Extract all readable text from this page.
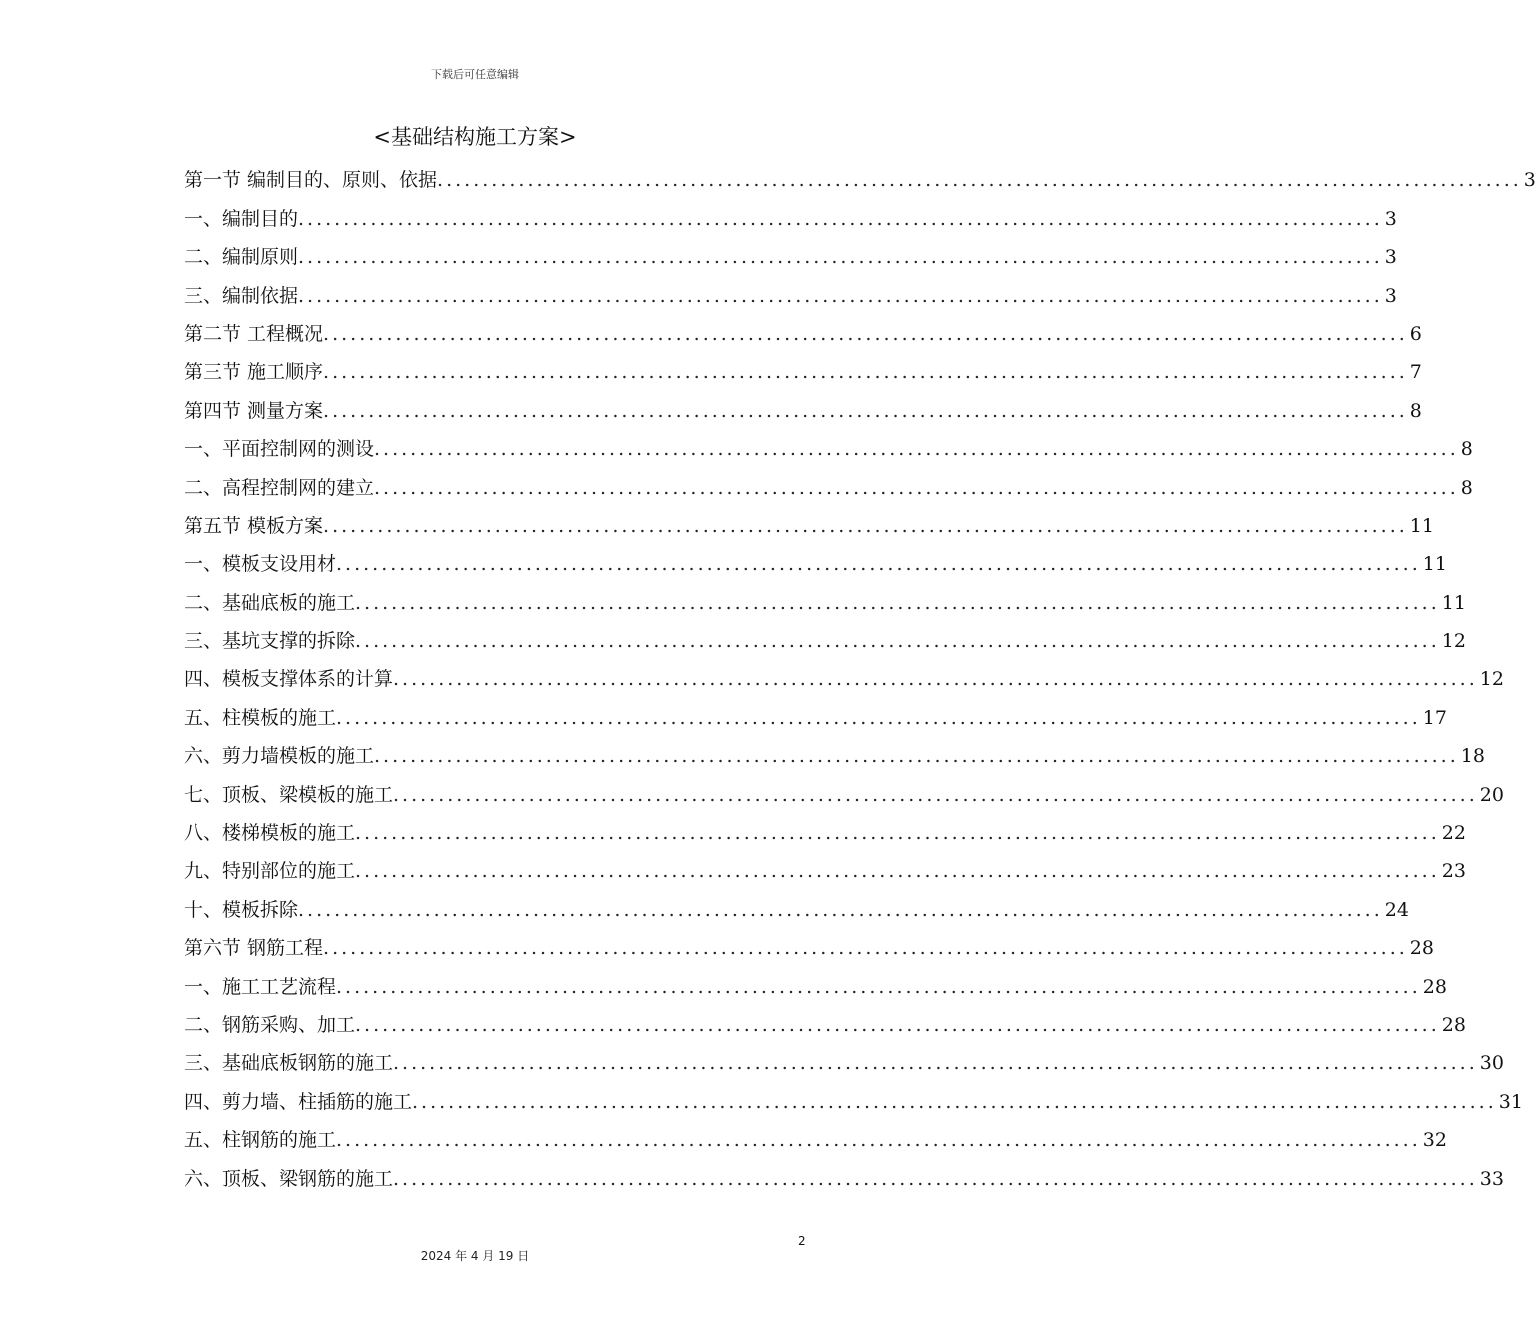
下载后可任意编辑
<基础结构施工方案>
第一节 编制目的、原则、依据 ........................................................................................................................ 3
一、编制目的 ........................................................................................................................ 3
二、编制原则 ........................................................................................................................ 3
三、编制依据 ........................................................................................................................ 3
第二节 工程概况 ........................................................................................................................ 6
第三节 施工顺序 ........................................................................................................................ 7
第四节 测量方案 ........................................................................................................................ 8
一、平面控制网的测设 ........................................................................................................................ 8
二、高程控制网的建立 ........................................................................................................................ 8
第五节 模板方案 ........................................................................................................................ 11
一、模板支设用材 ........................................................................................................................ 11
二、基础底板的施工 ........................................................................................................................ 11
三、基坑支撑的拆除 ........................................................................................................................ 12
四、模板支撑体系的计算 ........................................................................................................................ 12
五、柱模板的施工 ........................................................................................................................ 17
六、剪力墙模板的施工 ........................................................................................................................ 18
七、顶板、梁模板的施工 ........................................................................................................................ 20
八、楼梯模板的施工 ........................................................................................................................ 22
九、特别部位的施工 ........................................................................................................................ 23
十、模板拆除 ........................................................................................................................ 24
第六节 钢筋工程 ........................................................................................................................ 28
一、施工工艺流程 ........................................................................................................................ 28
二、钢筋采购、加工 ........................................................................................................................ 28
三、基础底板钢筋的施工 ........................................................................................................................ 30
四、剪力墙、柱插筋的施工 ........................................................................................................................ 31
五、柱钢筋的施工 ........................................................................................................................ 32
六、顶板、梁钢筋的施工 ........................................................................................................................ 33
2
2024 年 4 月 19 日
